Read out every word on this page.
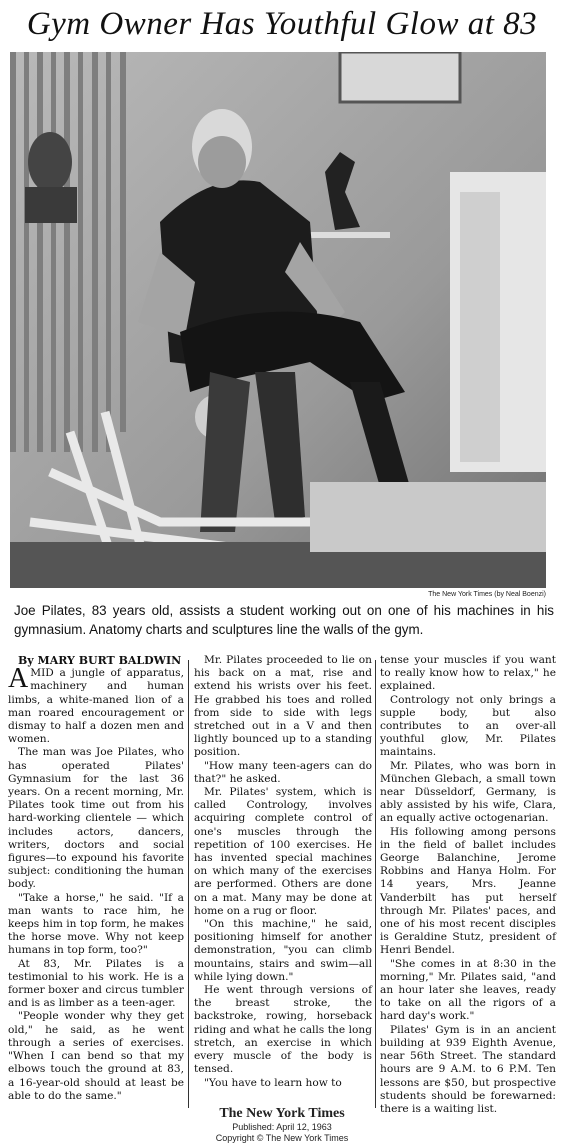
Gym Owner Has Youthful Glow at 83
The New York Times (by Neal Boenzi)
Joe Pilates, 83 years old, assists a student working out on one of his machines in his gymnasium. Anatomy charts and sculptures line the walls of the gym.

By MARY BURT BALDWIN

AMID a jungle of apparatus, machinery and human limbs, a white-maned lion of a man roared encouragement or dismay to half a dozen men and women.

The man was Joe Pilates, who has operated Pilates' Gymnasium for the last 36 years. On a recent morning, Mr. Pilates took time out from his hard-working clientele — which includes actors, dancers, writers, doctors and social figures—to expound his favorite subject: conditioning the human body.

"Take a horse," he said. "If a man wants to race him, he keeps him in top form, he makes the horse move. Why not keep humans in top form, too?"

At 83, Mr. Pilates is a testimonial to his work. He is a former boxer and circus tumbler and is as limber as a teen-ager.

"People wonder why they get old," he said, as he went through a series of exercises. "When I can bend so that my elbows touch the ground at 83, a 16-year-old should at least be able to do the same."

Mr. Pilates proceeded to lie on his back on a mat, rise and extend his wrists over his feet. He grabbed his toes and rolled from side to side with legs stretched out in a V and then lightly bounced up to a standing position.

"How many teen-agers can do that?" he asked.

Mr. Pilates' system, which is called Contrology, involves acquiring complete control of one's muscles through the repetition of 100 exercises. He has invented special machines on which many of the exercises are performed. Others are done on a mat. Many may be done at home on a rug or floor.

"On this machine," he said, positioning himself for another demonstration, "you can climb mountains, stairs and swim—all while lying down."

He went through versions of the breast stroke, the backstroke, rowing, horseback riding and what he calls the long stretch, an exercise in which every muscle of the body is tensed.

"You have to learn how to

tense your muscles if you want to really know how to relax," he explained.

Contrology not only brings a supple body, but also contributes to an over-all youthful glow, Mr. Pilates maintains.

Mr. Pilates, who was born in München Glebach, a small town near Düsseldorf, Germany, is ably assisted by his wife, Clara, an equally active octogenarian.

His following among persons in the field of ballet includes George Balanchine, Jerome Robbins and Hanya Holm. For 14 years, Mrs. Jeanne Vanderbilt has put herself through Mr. Pilates' paces, and one of his most recent disciples is Geraldine Stutz, president of Henri Bendel.

"She comes in at 8:30 in the morning," Mr. Pilates said, "and an hour later she leaves, ready to take on all the rigors of a hard day's work."

Pilates' Gym is in an ancient building at 939 Eighth Avenue, near 56th Street. The standard hours are 9 A.M. to 6 P.M. Ten lessons are $50, but prospective students should be forewarned: there is a waiting list.

The New York Times
Published: April 12, 1963
Copyright © The New York Times
